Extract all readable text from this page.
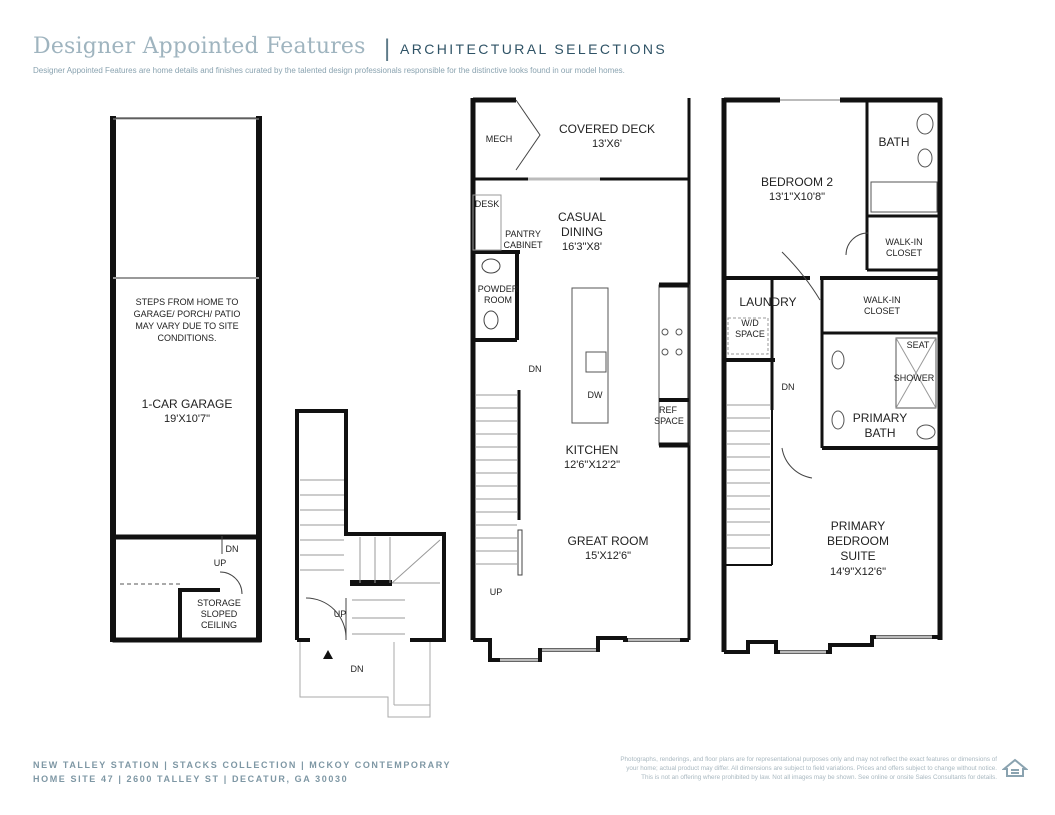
Designer Appointed Features | ARCHITECTURAL SELECTIONS
Designer Appointed Features are home details and finishes curated by the talented design professionals responsible for the distinctive looks found in our model homes.
STEPS FROM HOME TO
GARAGE/ PORCH/ PATIO
MAY VARY DUE TO SITE
CONDITIONS.
1-CAR GARAGE
19'X10'7"
DN
UP
STORAGE
SLOPED
CEILING
UP
DN
MECH
COVERED DECK
13'X6'
DESK
CASUAL
DINING
16'3"X8'
PANTRY
CABINET
POWDER
ROOM
DN
DW
REF
SPACE
KITCHEN
12'6"X12'2"
GREAT ROOM
15'X12'6"
UP
BATH
BEDROOM 2
13'1"X10'8"
WALK-IN
CLOSET
LAUNDRY
W/D
SPACE
WALK-IN
CLOSET
SEAT
SHOWER
DN
PRIMARY
BATH
PRIMARY
BEDROOM
SUITE
14'9"X12'6"
NEW TALLEY STATION | STACKS COLLECTION | MCKOY CONTEMPORARY
HOME SITE 47 | 2600 TALLEY ST | DECATUR, GA 30030
Photographs, renderings, and floor plans are for representational purposes only and may not reflect the exact features or dimensions of
your home; actual product may differ. All dimensions are subject to field variations. Prices and offers subject to change without notice.
This is not an offering where prohibited by law. Not all images may be shown. See online or onsite Sales Consultants for details.
